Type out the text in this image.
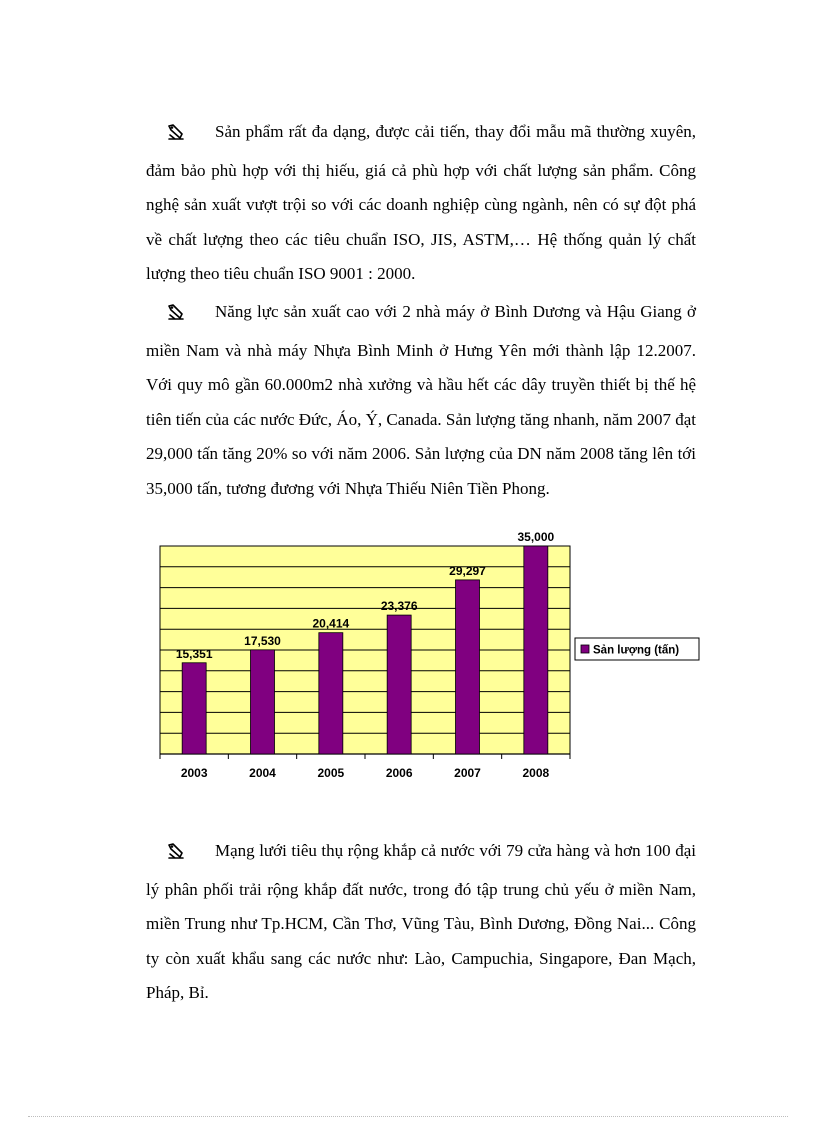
Sản phẩm rất đa dạng, được cải tiến, thay đổi mẫu mã thường xuyên, đảm bảo phù hợp với thị hiếu, giá cả phù hợp với chất lượng sản phẩm. Công nghệ sản xuất vượt trội so với các doanh nghiệp cùng ngành, nên có sự đột phá về chất lượng theo các tiêu chuẩn ISO, JIS, ASTM,… Hệ thống quản lý chất lượng theo tiêu chuẩn ISO 9001 : 2000.

Năng lực sản xuất cao với 2 nhà máy ở Bình Dương và Hậu Giang ở miền Nam và nhà máy Nhựa Bình Minh ở Hưng Yên mới thành lập 12.2007. Với quy mô gần 60.000m2 nhà xưởng và hầu hết các dây truyền thiết bị thế hệ tiên tiến của các nước Đức, Áo, Ý, Canada. Sản lượng tăng nhanh, năm 2007 đạt 29,000 tấn tăng 20% so với năm 2006. Sản lượng của DN năm 2008 tăng lên tới 35,000 tấn, tương đương với Nhựa Thiếu Niên Tiền Phong.

15,351
2003
17,530
2004
20,414
2005
23,376
2006
29,297
2007
35,000
2008
Sản lượng (tấn)

Mạng lưới tiêu thụ rộng khắp cả nước với 79 cửa hàng và hơn 100 đại lý phân phối trải rộng khắp đất nước, trong đó tập trung chủ yếu ở miền Nam, miền Trung như Tp.HCM, Cần Thơ, Vũng Tàu, Bình Dương, Đồng Nai... Công ty còn xuất khẩu sang các nước như: Lào, Campuchia, Singapore, Đan Mạch, Pháp, Bỉ.
